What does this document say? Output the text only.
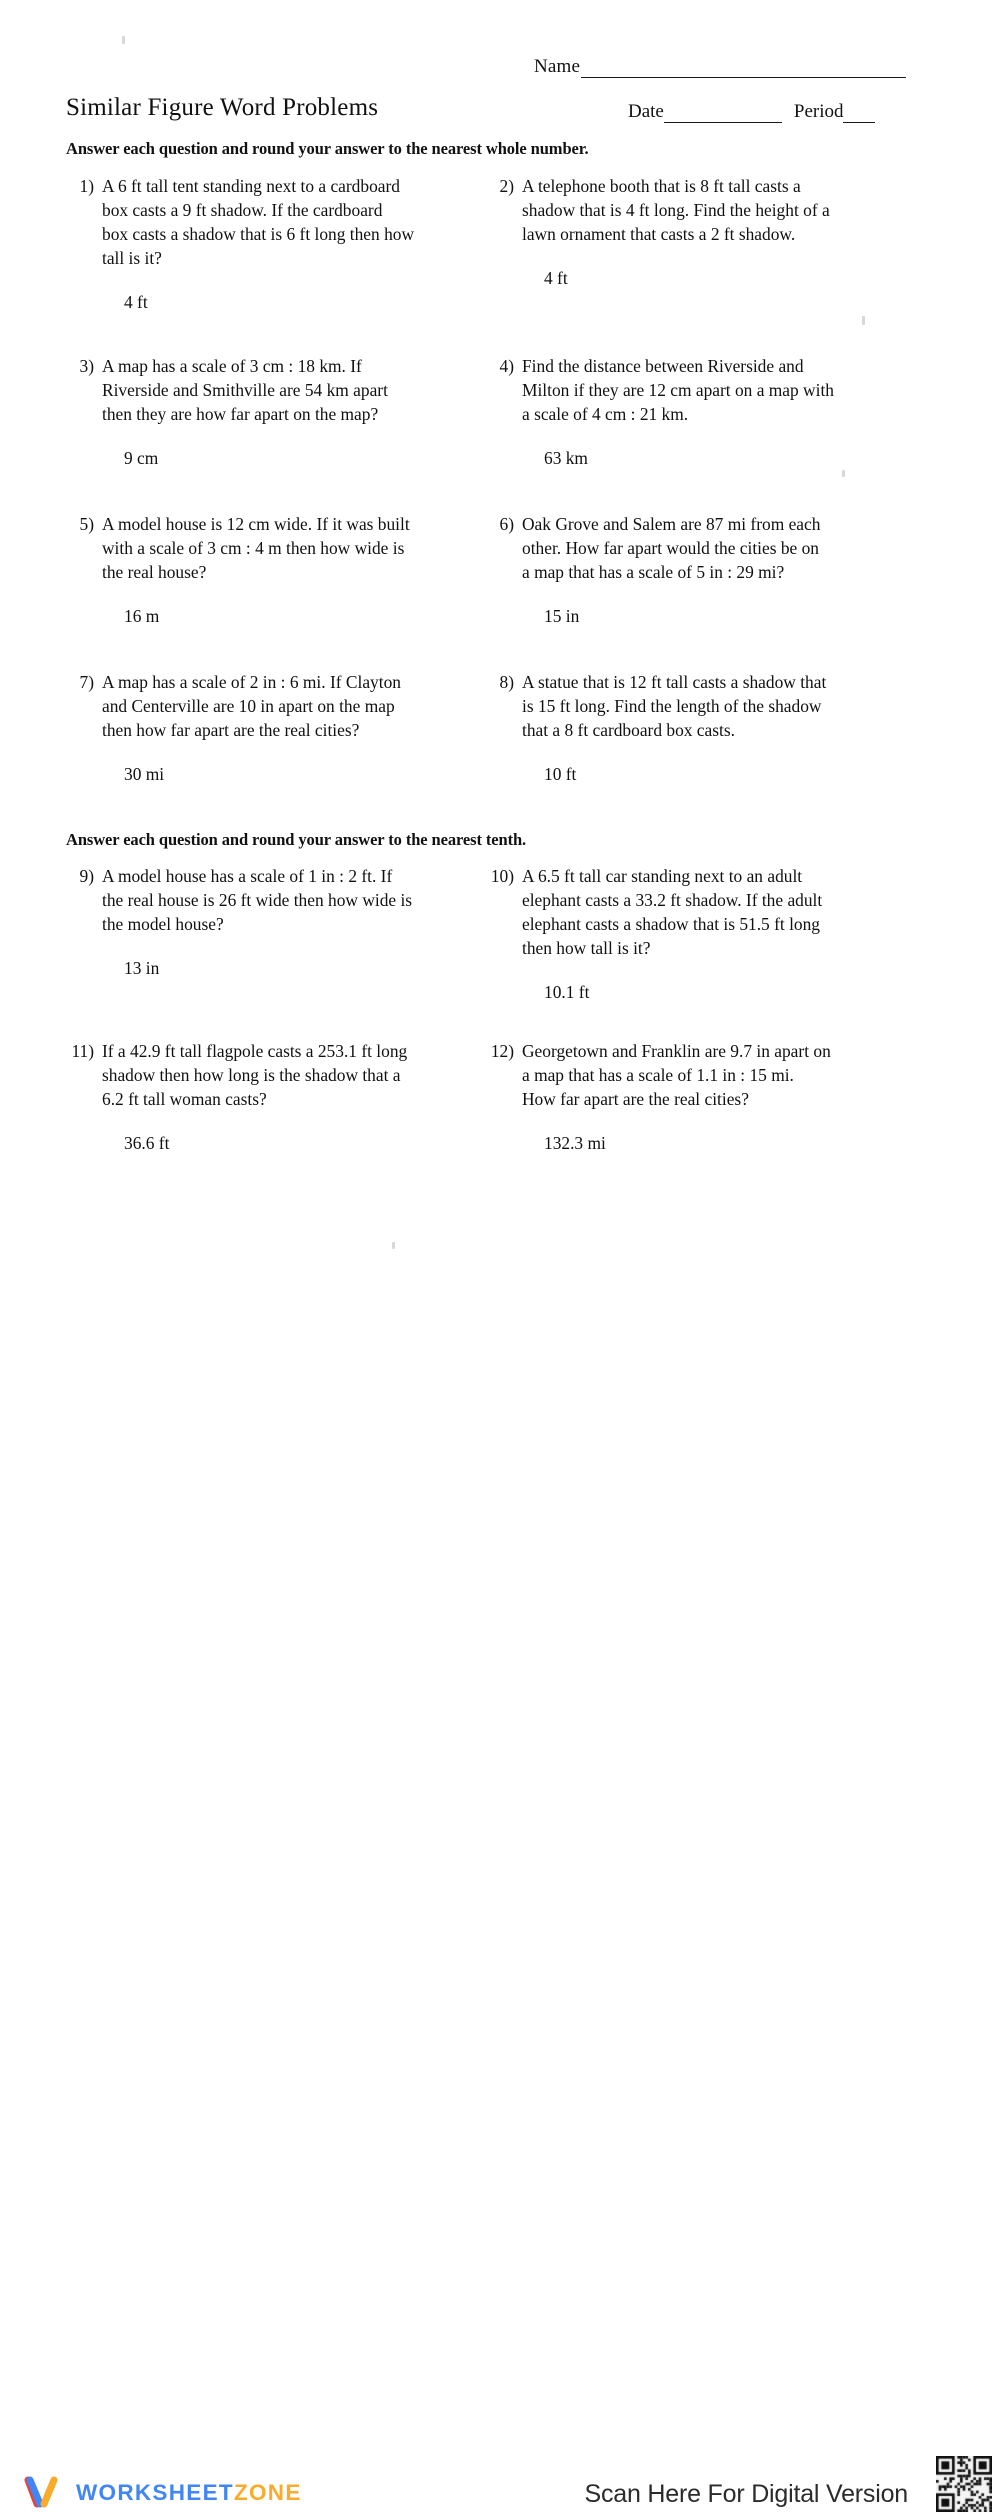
Name
Date	Period
Similar Figure Word Problems
Answer each question and round your answer to the nearest whole number.
Answer each question and round your answer to the nearest tenth.
1) A 6 ft tall tent standing next to a cardboard
box casts a 9 ft shadow. If the cardboard
box casts a shadow that is 6 ft long then how
tall is it?
4 ft
2) A telephone booth that is 8 ft tall casts a
shadow that is 4 ft long. Find the height of a
lawn ornament that casts a 2 ft shadow.
4 ft
3) A map has a scale of 3 cm : 18 km. If
Riverside and Smithville are 54 km apart
then they are how far apart on the map?
9 cm
4) Find the distance between Riverside and
Milton if they are 12 cm apart on a map with
a scale of 4 cm : 21 km.
63 km
5) A model house is 12 cm wide. If it was built
with a scale of 3 cm : 4 m then how wide is
the real house?
16 m
6) Oak Grove and Salem are 87 mi from each
other. How far apart would the cities be on
a map that has a scale of 5 in : 29 mi?
15 in
7) A map has a scale of 2 in : 6 mi. If Clayton
and Centerville are 10 in apart on the map
then how far apart are the real cities?
30 mi
8) A statue that is 12 ft tall casts a shadow that
is 15 ft long. Find the length of the shadow
that a 8 ft cardboard box casts.
10 ft
9) A model house has a scale of 1 in : 2 ft. If
the real house is 26 ft wide then how wide is
the model house?
13 in
10) A 6.5 ft tall car standing next to an adult
elephant casts a 33.2 ft shadow. If the adult
elephant casts a shadow that is 51.5 ft long
then how tall is it?
10.1 ft
11) If a 42.9 ft tall flagpole casts a 253.1 ft long
shadow then how long is the shadow that a
6.2 ft tall woman casts?
36.6 ft
12) Georgetown and Franklin are 9.7 in apart on
a map that has a scale of 1.1 in : 15 mi.
How far apart are the real cities?
132.3 mi
WORKSHEETZONE	Scan Here For Digital Version
